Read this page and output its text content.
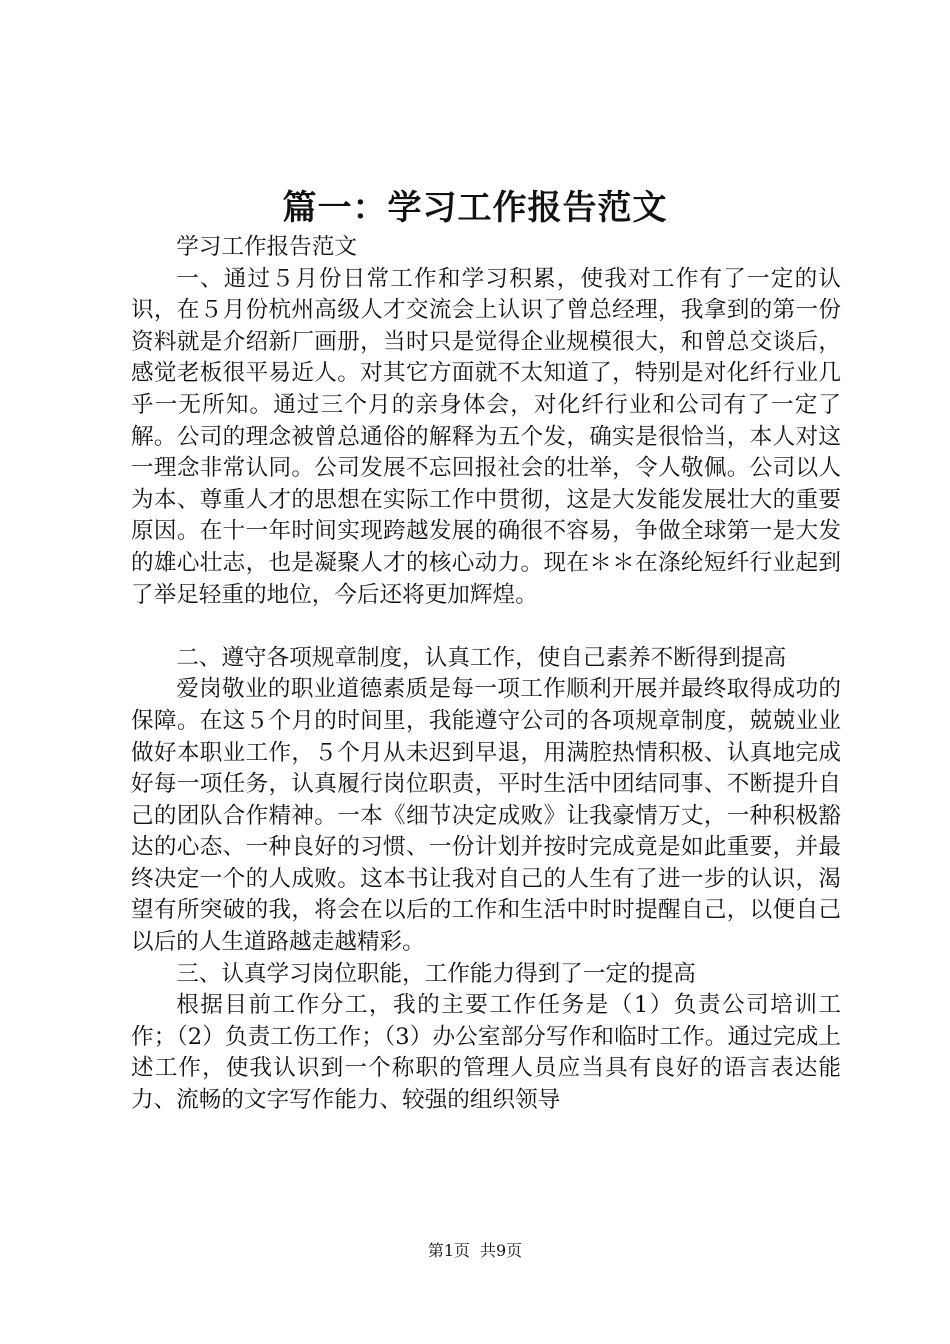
篇一：学习工作报告范文

学习工作报告范文

一、通过５月份日常工作和学习积累，使我对工作有了一定的认识，在５月份杭州高级人才交流会上认识了曾总经理，我拿到的第一份资料就是介绍新厂画册，当时只是觉得企业规模很大，和曾总交谈后，感觉老板很平易近人。对其它方面就不太知道了，特别是对化纤行业几乎一无所知。通过三个月的亲身体会，对化纤行业和公司有了一定了解。公司的理念被曾总通俗的解释为五个发，确实是很恰当，本人对这一理念非常认同。公司发展不忘回报社会的壮举，令人敬佩。公司以人为本、尊重人才的思想在实际工作中贯彻，这是大发能发展壮大的重要原因。在十一年时间实现跨越发展的确很不容易，争做全球第一是大发的雄心壮志，也是凝聚人才的核心动力。现在＊＊在涤纶短纤行业起到了举足轻重的地位，今后还将更加辉煌。

二、遵守各项规章制度，认真工作，使自己素养不断得到提高

爱岗敬业的职业道德素质是每一项工作顺利开展并最终取得成功的保障。在这５个月的时间里，我能遵守公司的各项规章制度，兢兢业业做好本职业工作，５个月从未迟到早退，用满腔热情积极、认真地完成好每一项任务，认真履行岗位职责，平时生活中团结同事、不断提升自己的团队合作精神。一本《细节决定成败》让我豪情万丈，一种积极豁达的心态、一种良好的习惯、一份计划并按时完成竟是如此重要，并最终决定一个的人成败。这本书让我对自己的人生有了进一步的认识，渴望有所突破的我，将会在以后的工作和生活中时时提醒自己，以便自己以后的人生道路越走越精彩。

三、认真学习岗位职能，工作能力得到了一定的提高

根据目前工作分工，我的主要工作任务是（1）负责公司培训工作；（2）负责工伤工作；（3）办公室部分写作和临时工作。通过完成上述工作，使我认识到一个称职的管理人员应当具有良好的语言表达能力、流畅的文字写作能力、较强的组织领导

第1页 共9页
